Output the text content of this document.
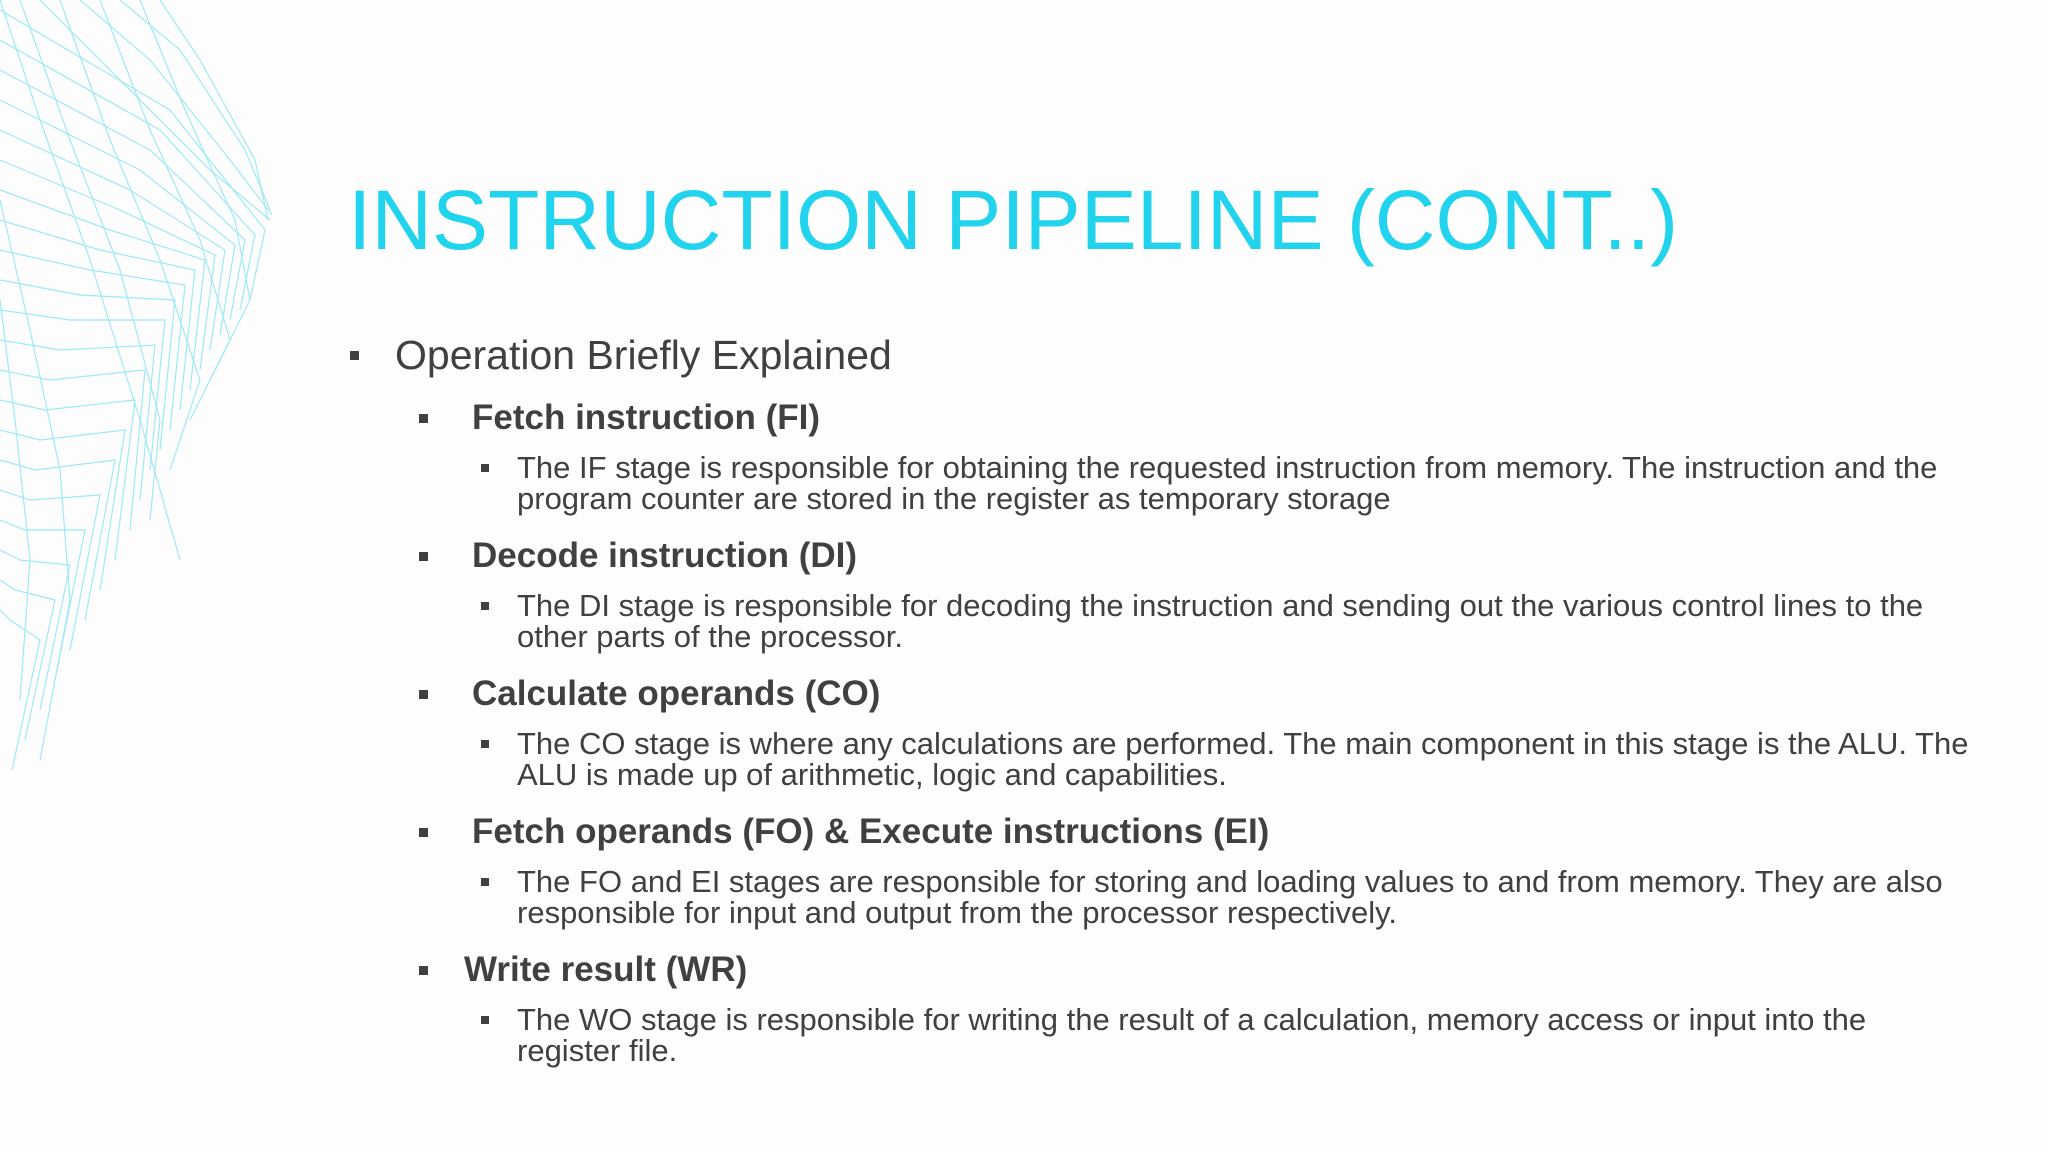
INSTRUCTION PIPELINE (CONT..)
Operation Briefly Explained
Fetch instruction (FI)
The IF stage is responsible for obtaining the requested instruction from memory. The instruction and the program counter are stored in the register as temporary storage
Decode instruction (DI)
The DI stage is responsible for decoding the instruction and sending out the various control lines to the other parts of the processor.
Calculate operands (CO)
The CO stage is where any calculations are performed. The main component in this stage is the ALU. The ALU is made up of arithmetic, logic and capabilities.
Fetch operands (FO) & Execute instructions (EI)
The FO and EI stages are responsible for storing and loading values to and from memory. They are also responsible for input and output from the processor respectively.
Write result (WR)
The WO stage is responsible for writing the result of a calculation, memory access or input into the register file.
